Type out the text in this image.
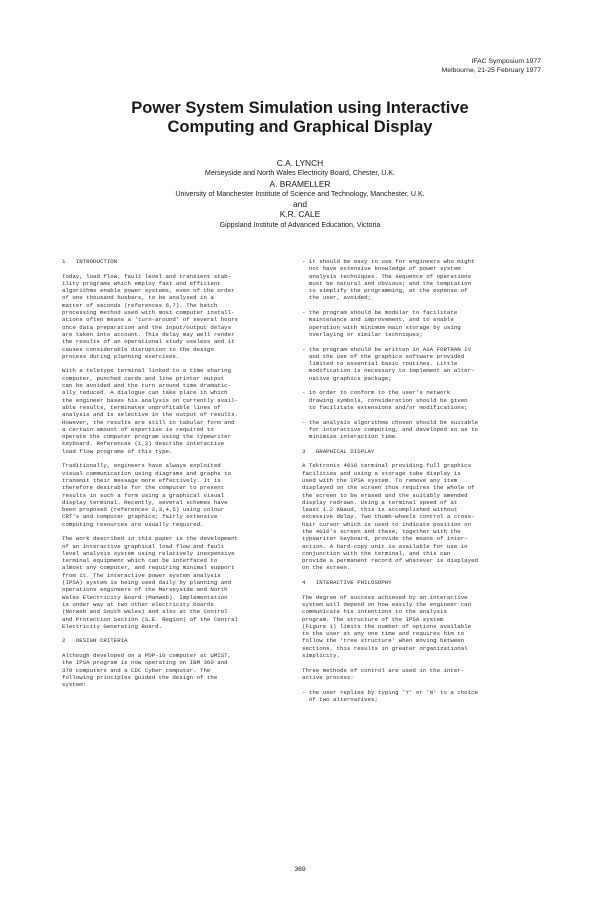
IFAC Symposium 1977
Melbourne, 21-25 February 1977
Power System Simulation using Interactive
Computing and Graphical Display
C.A. LYNCH
Merseyside and North Wales Electricity Board, Chester, U.K.
A. BRAMELLER
University of Manchester Institute of Science and Technology, Manchester, U.K.
and
K.R. CALE
Gippsland Institute of Advanced Education, Victoria
1   INTRODUCTION
Today, load flow, fault level and transient stab-
ility programs which employ fast and efficient
algorithms enable power systems, even of the order
of one thousand busbars, to be analysed in a
matter of seconds (references 6,7). The batch
processing method used with most computer install-
ations often means a 'turn-around' of several hours
once data preparation and the input/output delays
are taken into account. This delay may well render
the results of an operational study useless and it
causes considerable disruption to the design
process during planning exercises.
With a teletype terminal linked to a time sharing
computer, punched cards and line printer output
can be avoided and the turn around time dramatic-
ally reduced. A dialogue can take place in which
the engineer bases his analysis on currently avail-
able results, terminates unprofitable lines of
analysis and is selective in the output of results.
However, the results are still in tabular form and
a certain amount of expertise is required to
operate the computer program using the typewriter
keyboard. References (1,2) describe interactive
load flow programs of this type.
Traditionally, engineers have always exploited
visual communication using diagrams and graphs to
transmit their message more effectively. It is
therefore desirable for the computer to present
results in such a form using a graphical visual
display terminal. Recently, several schemes have
been proposed (references 2,3,4,5) using colour
CRT's and computer graphics; fairly extensive
computing resources are usually required.
The work described in this paper is the development
of an interactive graphical load flow and fault
level analysis system using relatively inexpensive
terminal equipment which can be interfaced to
almost any computer, and requiring minimal support
from it. The interactive power system analysis
(IPSA) system is being used daily by planning and
operations engineers of the Merseyside and North
Wales Electricity Board (Manweb). Implementation
is under way at two other electricity boards
(Norweb and South Wales) and also at the Control
and Protection Section (S.E. Region) of the Central
Electricity Generating Board.
2   DESIGN CRITERIA
Although developed on a PDP-10 computer at UMIST,
the IPSA program is now operating on IBM 360 and
370 computers and a CDC Cyber computer. The
following principles guided the design of the
system:
- it should be easy to use for engineers who might
not have extensive knowledge of power system
analysis techniques. The sequence of operations
must be natural and obvious; and the temptation
to simplify the programming, at the expense of
the user, avoided;
- the program should be modular to facilitate
maintenance and improvement, and to enable
operation with minimum main storage by using
overlaying or similar techniques;
- the program should be written in ASA FORTRAN IV
and the use of the graphics software provided
limited to essential basic routines. Little
modification is necessary to implement an alter-
native graphics package;
- in order to conform to the user's network
drawing symbols, consideration should be given
to facilitate extensions and/or modifications;
- the analysis algorithms chosen should be suitable
for interactive computing, and developed so as to
minimize interaction time.
3   GRAPHICAL DISPLAY
A Tektronix 4010 terminal providing full graphics
facilities and using a storage tube display is
used with the IPSA system. To remove any item
displayed on the screen thus requires the whole of
the screen to be erased and the suitably amended
display redrawn. Using a terminal speed of at
least 1.2 KBaud, this is accomplished without
excessive delay. Two thumb-wheels control a cross-
hair cursor which is used to indicate position on
the 4010's screen and these, together with the
typewriter keyboard, provide the means of inter-
action. A hard-copy unit is available for use in
conjunction with the terminal, and this can
provide a permanent record of whatever is displayed
on the screen.
4   INTERACTIVE PHILOSOPHY
The degree of success achieved by an interactive
system will depend on how easily the engineer can
communicate his intentions to the analysis
program. The structure of the IPSA system
(Figure 1) limits the number of options available
to the user at any one time and requires him to
follow the 'tree structure' when moving between
sections, this results in greater organizational
simplicity.
Three methods of control are used in the inter-
active process:
- the user replies by typing 'Y' or 'N' to a choice
of two alternatives;
369
